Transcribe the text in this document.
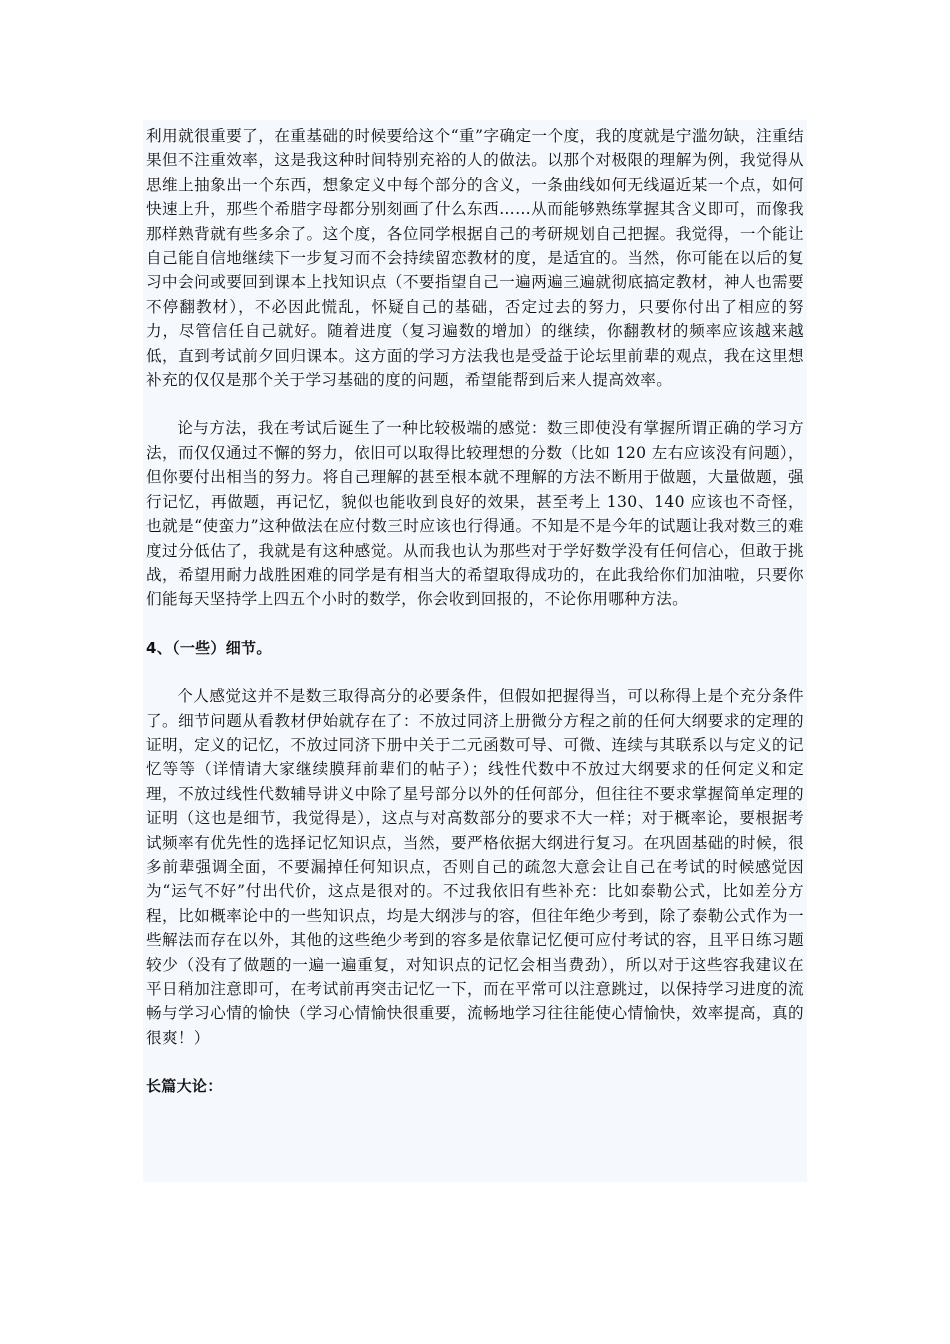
利用就很重要了，在重基础的时候要给这个“重”字确定一个度，我的度就是宁滥勿缺，注重结果但不注重效率，这是我这种时间特别充裕的人的做法。以那个对极限的理解为例，我觉得从思维上抽象出一个东西，想象定义中每个部分的含义，一条曲线如何无线逼近某一个点，如何快速上升，那些个希腊字母都分别刻画了什么东西……从而能够熟练掌握其含义即可，而像我那样熟背就有些多余了。这个度，各位同学根据自己的考研规划自己把握。我觉得，一个能让自己能自信地继续下一步复习而不会持续留恋教材的度，是适宜的。当然，你可能在以后的复习中会问或要回到课本上找知识点（不要指望自己一遍两遍三遍就彻底搞定教材，神人也需要不停翻教材），不必因此慌乱，怀疑自己的基础，否定过去的努力，只要你付出了相应的努力，尽管信任自己就好。随着进度（复习遍数的增加）的继续，你翻教材的频率应该越来越低，直到考试前夕回归课本。这方面的学习方法我也是受益于论坛里前辈的观点，我在这里想补充的仅仅是那个关于学习基础的度的问题，希望能帮到后来人提高效率。

论与方法，我在考试后诞生了一种比较极端的感觉：数三即使没有掌握所谓正确的学习方法，而仅仅通过不懈的努力，依旧可以取得比较理想的分数（比如 120 左右应该没有问题），但你要付出相当的努力。将自己理解的甚至根本就不理解的方法不断用于做题，大量做题，强行记忆，再做题，再记忆，貌似也能收到良好的效果，甚至考上 130、140 应该也不奇怪，也就是“使蛮力”这种做法在应付数三时应该也行得通。不知是不是今年的试题让我对数三的难度过分低估了，我就是有这种感觉。从而我也认为那些对于学好数学没有任何信心，但敢于挑战，希望用耐力战胜困难的同学是有相当大的希望取得成功的，在此我给你们加油啦，只要你们能每天坚持学上四五个小时的数学，你会收到回报的，不论你用哪种方法。

4、（一些）细节。

个人感觉这并不是数三取得高分的必要条件，但假如把握得当，可以称得上是个充分条件了。细节问题从看教材伊始就存在了：不放过同济上册微分方程之前的任何大纲要求的定理的证明，定义的记忆，不放过同济下册中关于二元函数可导、可微、连续与其联系以与定义的记忆等等（详情请大家继续膜拜前辈们的帖子）；线性代数中不放过大纲要求的任何定义和定理，不放过线性代数辅导讲义中除了星号部分以外的任何部分，但往往不要求掌握简单定理的证明（这也是细节，我觉得是），这点与对高数部分的要求不大一样；对于概率论，要根据考试频率有优先性的选择记忆知识点，当然，要严格依据大纲进行复习。在巩固基础的时候，很多前辈强调全面，不要漏掉任何知识点，否则自己的疏忽大意会让自己在考试的时候感觉因为“运气不好”付出代价，这点是很对的。不过我依旧有些补充：比如泰勒公式，比如差分方程，比如概率论中的一些知识点，均是大纲涉与的容，但往年绝少考到，除了泰勒公式作为一些解法而存在以外，其他的这些绝少考到的容多是依靠记忆便可应付考试的容，且平日练习题较少（没有了做题的一遍一遍重复，对知识点的记忆会相当费劲），所以对于这些容我建议在平日稍加注意即可，在考试前再突击记忆一下，而在平常可以注意跳过，以保持学习进度的流畅与学习心情的愉快（学习心情愉快很重要，流畅地学习往往能使心情愉快，效率提高，真的很爽！）

长篇大论：
